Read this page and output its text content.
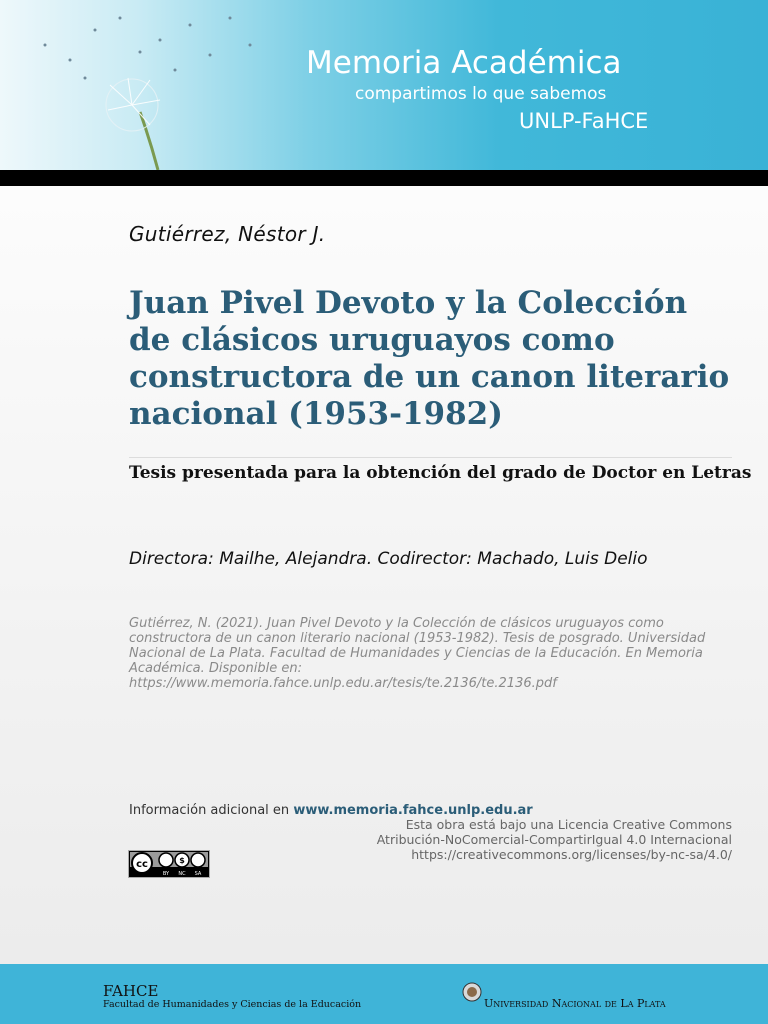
Memoria Académica
compartimos lo que sabemos
UNLP-FaHCE
Gutiérrez, Néstor J.
Juan Pivel Devoto y la Colección de clásicos uruguayos como constructora de un canon literario nacional (1953-1982)
Tesis presentada para la obtención del grado de Doctor en Letras
Directora: Mailhe, Alejandra. Codirector: Machado, Luis Delio
Gutiérrez, N. (2021). Juan Pivel Devoto y la Colección de clásicos uruguayos como constructora de un canon literario nacional (1953-1982). Tesis de posgrado. Universidad Nacional de La Plata. Facultad de Humanidades y Ciencias de la Educación. En Memoria Académica. Disponible en: https://www.memoria.fahce.unlp.edu.ar/tesis/te.2136/te.2136.pdf
Información adicional en www.memoria.fahce.unlp.edu.ar
cc	$
BY NC SA
Esta obra está bajo una Licencia Creative Commons
Atribución-NoComercial-CompartirIgual 4.0 Internacional
https://creativecommons.org/licenses/by-nc-sa/4.0/
FAHCE
Facultad de Humanidades y Ciencias de la Educación	Universidad Nacional de La Plata
